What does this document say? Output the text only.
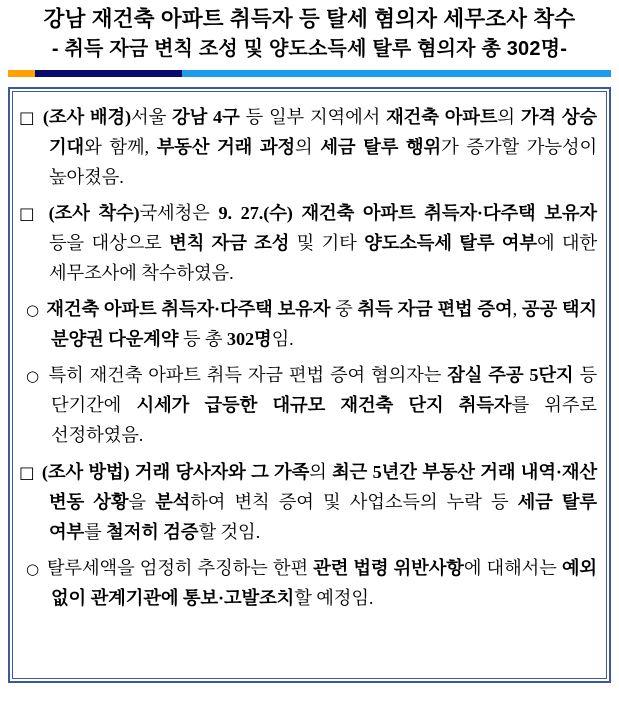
강남 재건축 아파트 취득자 등 탈세 혐의자 세무조사 착수
- 취득 자금 변칙 조성 및 양도소득세 탈루 혐의자 총 302명-
□ (조사 배경)서울 강남 4구 등 일부 지역에서 재건축 아파트의 가격 상승 기대와 함께, 부동산 거래 과정의 세금 탈루 행위가 증가할 가능성이 높아졌음.
□ (조사 착수)국세청은 9. 27.(수) 재건축 아파트 취득자·다주택 보유자 등을 대상으로 변칙 자금 조성 및 기타 양도소득세 탈루 여부에 대한 세무조사에 착수하였음.
○ 재건축 아파트 취득자·다주택 보유자 중 취득 자금 편법 증여, 공공 택지 분양권 다운계약 등 총 302명임.
○ 특히 재건축 아파트 취득 자금 편법 증여 혐의자는 잠실 주공 5단지 등 단기간에 시세가 급등한 대규모 재건축 단지 취득자를 위주로 선정하였음.
□ (조사 방법) 거래 당사자와 그 가족의 최근 5년간 부동산 거래 내역·재산 변동 상황을 분석하여 변칙 증여 및 사업소득의 누락 등 세금 탈루 여부를 철저히 검증할 것임.
○ 탈루세액을 엄정히 추징하는 한편 관련 법령 위반사항에 대해서는 예외 없이 관계기관에 통보·고발조치할 예정임.
